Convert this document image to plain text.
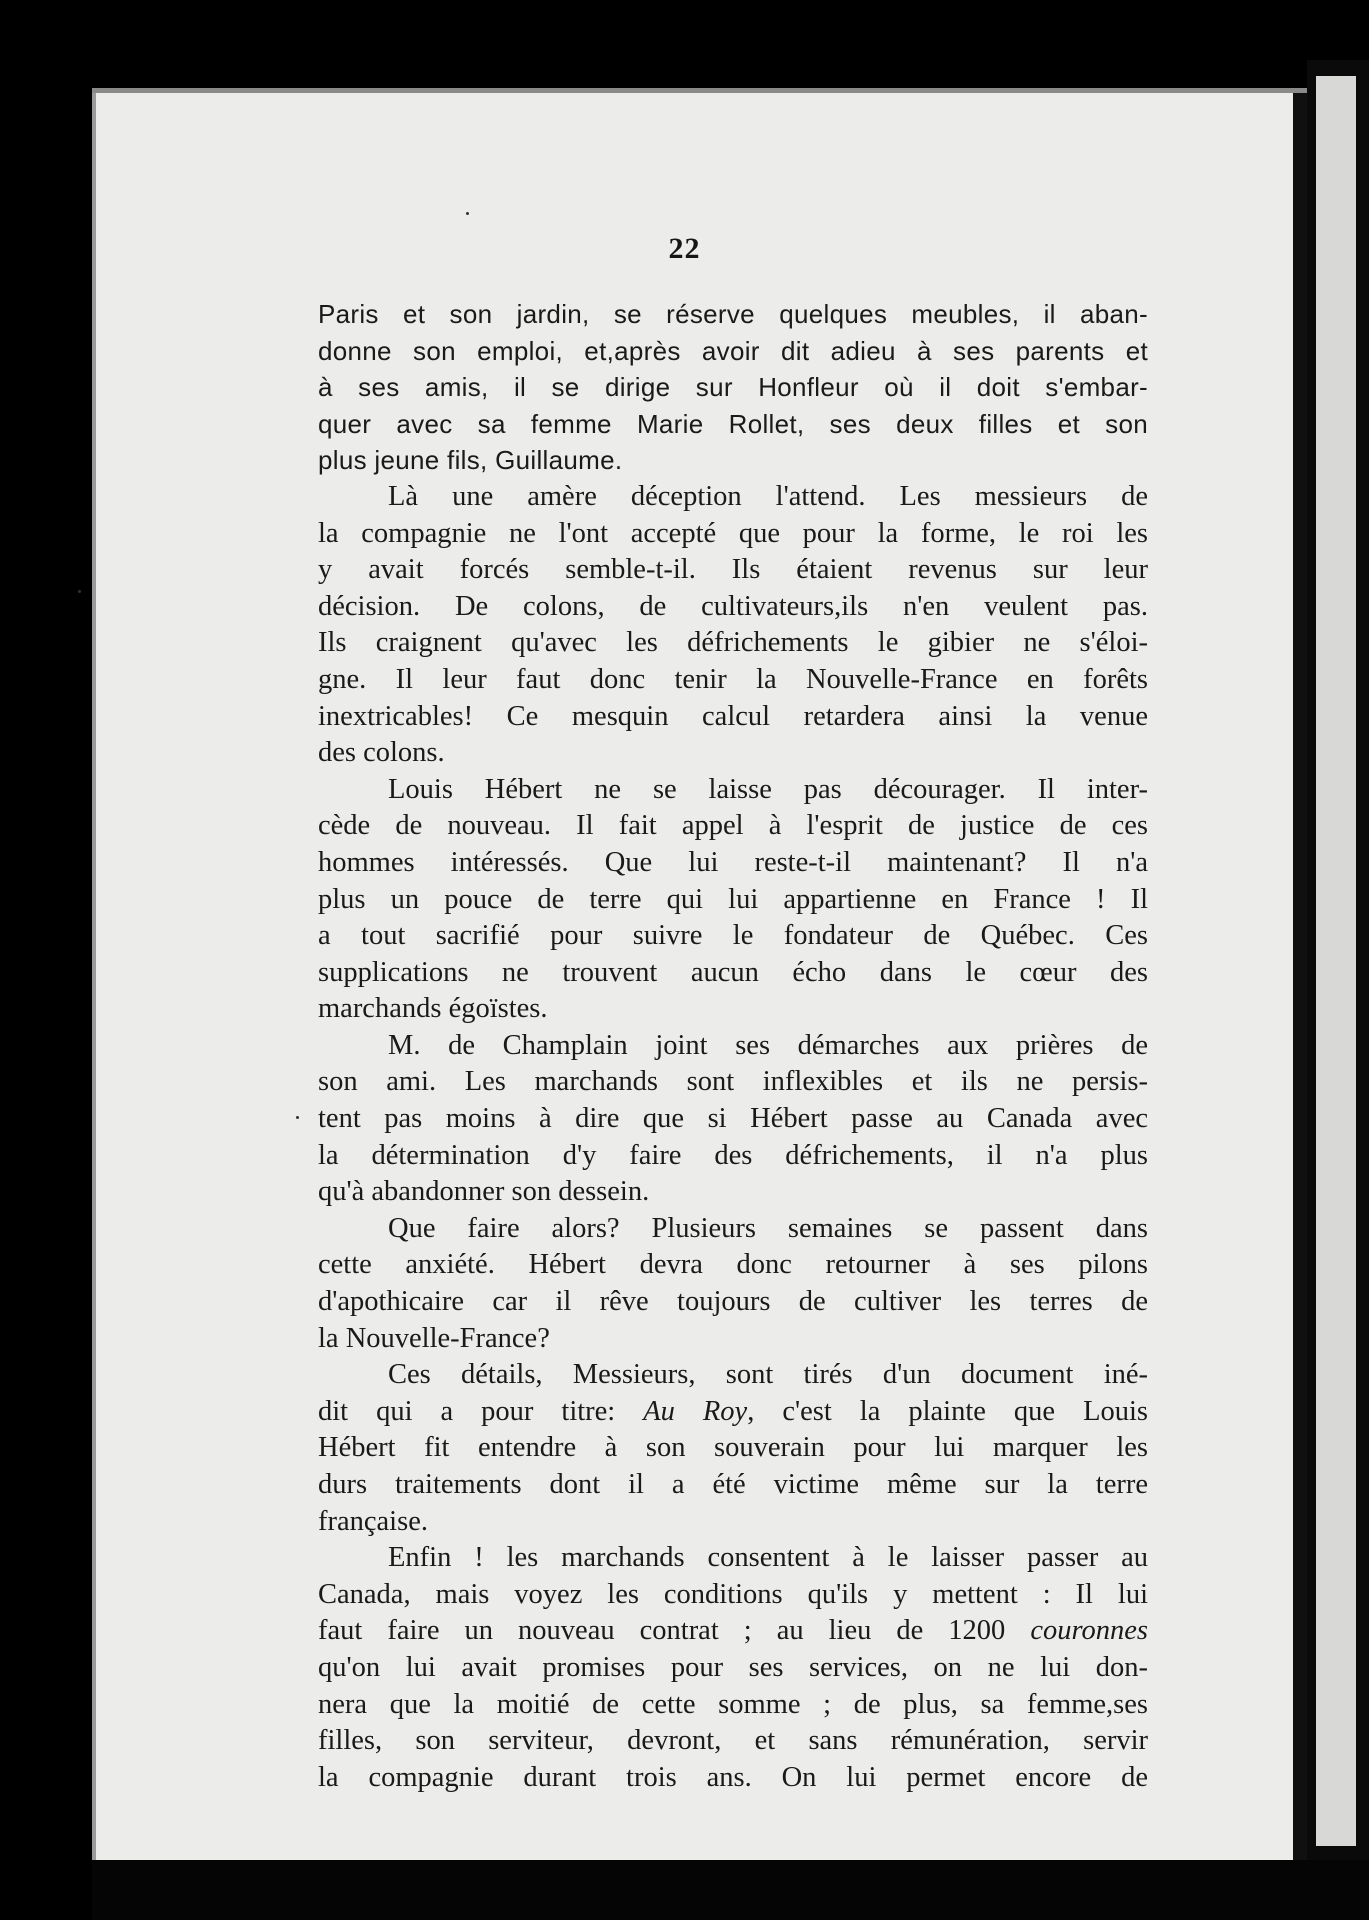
22
Paris et son jardin, se réserve quelques meubles, il aban-
donne son emploi, et,après avoir dit adieu à ses parents et
à ses amis, il se dirige sur Honfleur où il doit s'embar-
quer avec sa femme Marie Rollet, ses deux filles et son
plus jeune fils, Guillaume.
Là une amère déception l'attend. Les messieurs de
la compagnie ne l'ont accepté que pour la forme, le roi les
y avait forcés semble-t-il. Ils étaient revenus sur leur
décision. De colons, de cultivateurs,ils n'en veulent pas.
Ils craignent qu'avec les défrichements le gibier ne s'éloi-
gne. Il leur faut donc tenir la Nouvelle-France en forêts
inextricables! Ce mesquin calcul retardera ainsi la venue
des colons.
Louis Hébert ne se laisse pas décourager. Il inter-
cède de nouveau. Il fait appel à l'esprit de justice de ces
hommes intéressés. Que lui reste-t-il maintenant? Il n'a
plus un pouce de terre qui lui appartienne en France ! Il
a tout sacrifié pour suivre le fondateur de Québec. Ces
supplications ne trouvent aucun écho dans le cœur des
marchands égoïstes.
M. de Champlain joint ses démarches aux prières de
son ami. Les marchands sont inflexibles et ils ne persis-
tent pas moins à dire que si Hébert passe au Canada avec
la détermination d'y faire des défrichements, il n'a plus
qu'à abandonner son dessein.
Que faire alors? Plusieurs semaines se passent dans
cette anxiété. Hébert devra donc retourner à ses pilons
d'apothicaire car il rêve toujours de cultiver les terres de
la Nouvelle-France?
Ces détails, Messieurs, sont tirés d'un document iné-
dit qui a pour titre: Au Roy, c'est la plainte que Louis
Hébert fit entendre à son souverain pour lui marquer les
durs traitements dont il a été victime même sur la terre
française.
Enfin ! les marchands consentent à le laisser passer au
Canada, mais voyez les conditions qu'ils y mettent : Il lui
faut faire un nouveau contrat ; au lieu de 1200 couronnes
qu'on lui avait promises pour ses services, on ne lui don-
nera que la moitié de cette somme ; de plus, sa femme,ses
filles, son serviteur, devront, et sans rémunération, servir
la compagnie durant trois ans. On lui permet encore de
